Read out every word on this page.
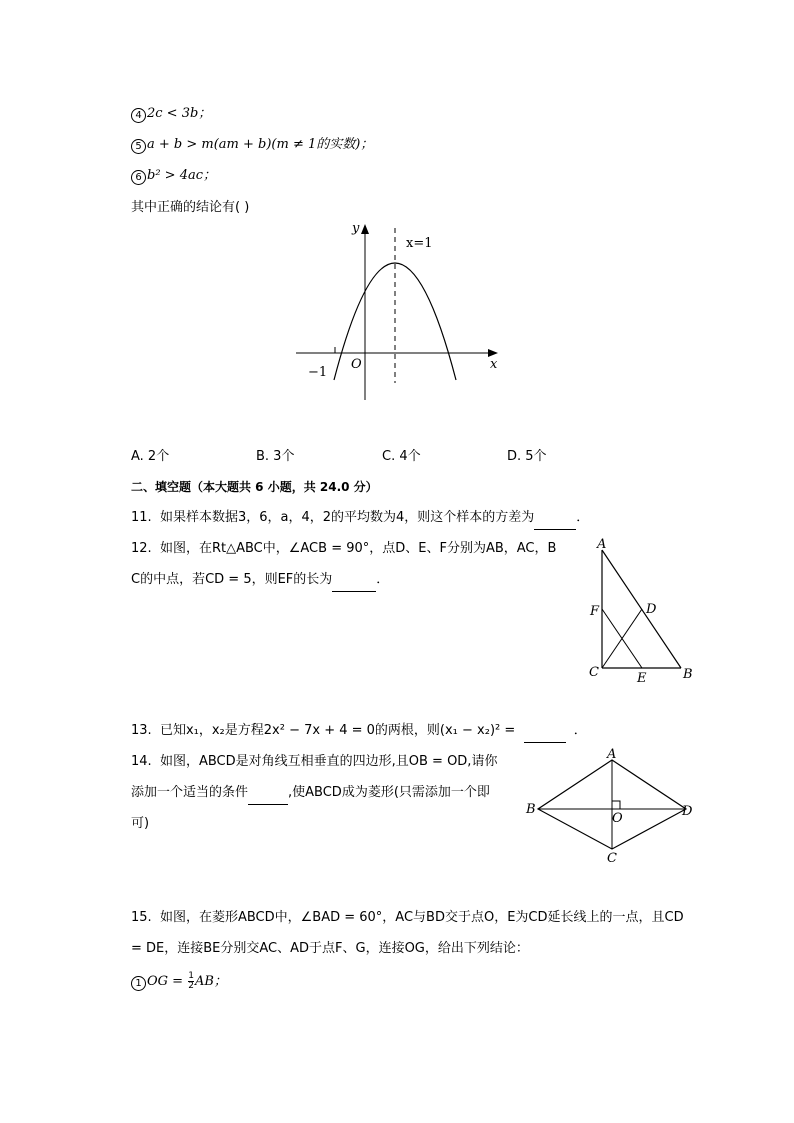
4 2c < 3b；
5 a + b > m(am + b)(m ≠ 1的实数)；
6 b² > 4ac；
其中正确的结论有( )
y
x
x=1
O
−1
A. 2个	B. 3个	C. 4个	D. 5个
二、填空题（本大题共 6 小题，共 24.0 分）
11. 如果样本数据3，6，a，4，2的平均数为4，则这个样本的方差为	．
12. 如图，在Rt△ABC中，∠ACB = 90°，点D、E、F分别为AB，AC，B
C的中点，若CD = 5，则EF的长为	．
A
B
C
D
E
F
13. 已知x₁，x₂是方程2x² − 7x + 4 = 0的两根，则(x₁ − x₂)² =	．
14. 如图，ABCD是对角线互相垂直的四边形,且OB = OD,请你
添加一个适当的条件	,使ABCD成为菱形(只需添加一个即
可)
A
B
C
D
O
15. 如图，在菱形ABCD中，∠BAD = 60°，AC与BD交于点O，E为CD延长线上的一点，且CD
= DE，连接BE分别交AC、AD于点F、G，连接OG，给出下列结论：
1 OG = $\frac{1}{2}$ AB；
